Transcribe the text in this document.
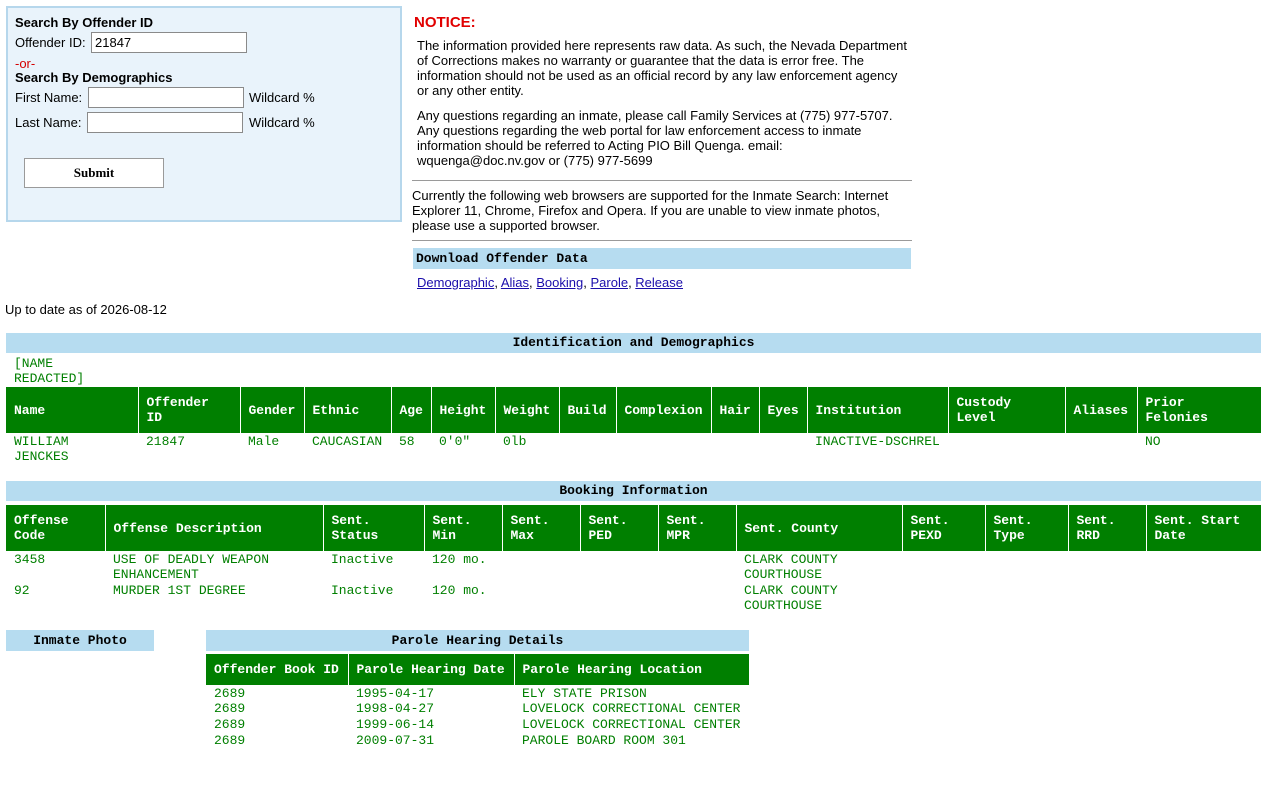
Search By Offender ID
Offender ID:
21847
-or-
Search By Demographics
First Name:	Wildcard %
Last Name:	Wildcard %
Submit
NOTICE:
The information provided here represents raw data. As such, the Nevada Department of Corrections makes no warranty or guarantee that the data is error free. The information should not be used as an official record by any law enforcement agency or any other entity.
Any questions regarding an inmate, please call Family Services at (775) 977-5707. Any questions regarding the web portal for law enforcement access to inmate information should be referred to Acting PIO Bill Quenga. email: wquenga@doc.nv.gov or (775) 977-5699
Currently the following web browsers are supported for the Inmate Search: Internet Explorer 11, Chrome, Firefox and Opera. If you are unable to view inmate photos, please use a supported browser.
Download Offender Data
Demographic, Alias, Booking, Parole, Release
Up to date as of 2026-08-12
Identification and Demographics
[NAME REDACTED]
Name	Offender ID	Gender	Ethnic	Age	Height	Weight	Build	Complexion	Hair	Eyes	Institution	Custody Level	Aliases	Prior Felonies
WILLIAM JENCKES	21847	Male	CAUCASIAN	58	0'0"	0lb					INACTIVE-DSCHREL			NO
Booking Information
Offense Code	Offense Description	Sent. Status	Sent. Min	Sent. Max	Sent. PED	Sent. MPR	Sent. County	Sent. PEXD	Sent. Type	Sent. RRD	Sent. Start Date
3458	USE OF DEADLY WEAPON ENHANCEMENT	Inactive	120 mo.				CLARK COUNTY COURTHOUSE				
92	MURDER 1ST DEGREE	Inactive	120 mo.				CLARK COUNTY COURTHOUSE				
Inmate Photo	Parole Hearing Details
Offender Book ID	Parole Hearing Date	Parole Hearing Location
2689	1995-04-17	ELY STATE PRISON
2689	1998-04-27	LOVELOCK CORRECTIONAL CENTER
2689	1999-06-14	LOVELOCK CORRECTIONAL CENTER
2689	2009-07-31	PAROLE BOARD ROOM 301
